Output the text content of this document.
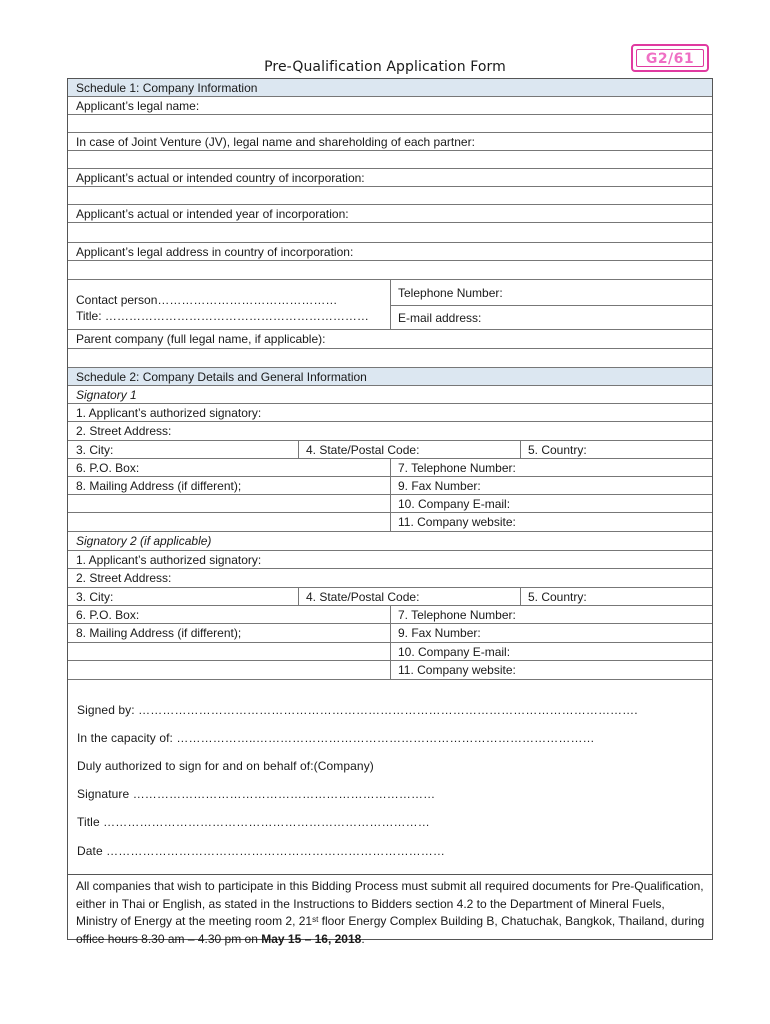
Pre-Qualification Application Form	G2/61
Schedule 1: Company Information
Applicant’s legal name:
In case of Joint Venture (JV), legal name and shareholding of each partner:
Applicant’s actual or intended country of incorporation:
Applicant’s actual or intended year of incorporation:
Applicant’s legal address in country of incorporation:
Contact person………………………………………
Title: …………………………………………………………
Telephone Number:
E-mail address:
Parent company (full legal name, if applicable):
Schedule 2: Company Details and General Information
Signatory 1
1. Applicant’s authorized signatory:
2. Street Address:
3. City:	4. State/Postal Code:	5. Country:
6. P.O. Box:	7. Telephone Number:
8. Mailing Address (if different);	9. Fax Number:
10. Company E-mail:
11. Company website:
Signatory 2 (if applicable)
1. Applicant’s authorized signatory:
2. Street Address:
3. City:	4. State/Postal Code:	5. Country:
6. P.O. Box:	7. Telephone Number:
8. Mailing Address (if different);	9. Fax Number:
10. Company E-mail:
11. Company website:
Signed by: …………………………………………………………………………………………………………….
In the capacity of: ………………..…………………………………………………………………………
Duly authorized to sign for and on behalf of:(Company)
Signature …………………………………………………………………
Title ………………………………………………………………………
Date …………………………………………………………………………
All companies that wish to participate in this Bidding Process must submit all required documents for Pre-Qualification, either in Thai or English, as stated in the Instructions to Bidders section 4.2 to the Department of Mineral Fuels, Ministry of Energy at the meeting room 2, 21st floor Energy Complex Building B, Chatuchak, Bangkok, Thailand, during office hours 8.30 am – 4.30 pm on May 15 – 16, 2018.
